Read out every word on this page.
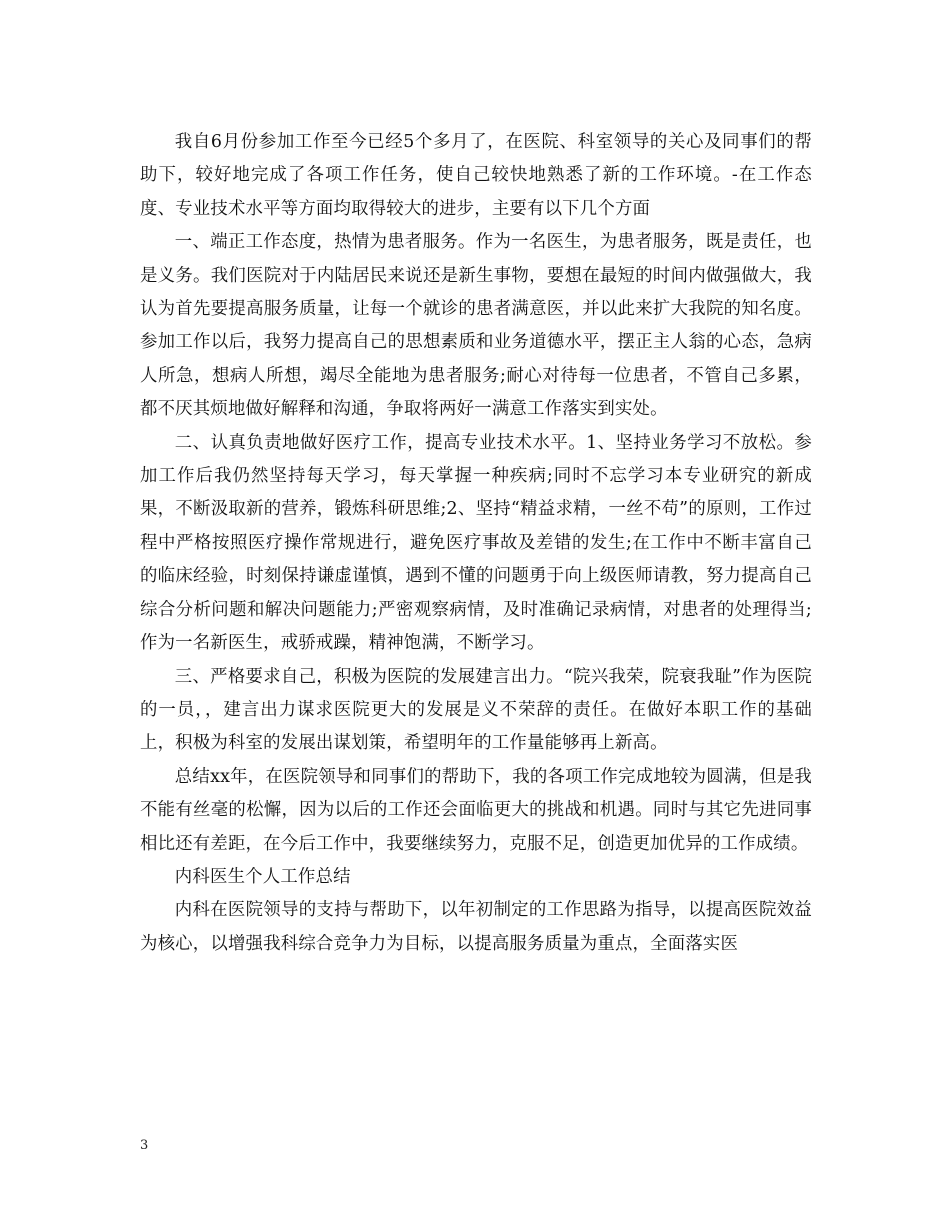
我自6月份参加工作至今已经5个多月了，在医院、科室领导的关心及同事们的帮助下，较好地完成了各项工作任务，使自己较快地熟悉了新的工作环境。-在工作态度、专业技术水平等方面均取得较大的进步，主要有以下几个方面

一、端正工作态度，热情为患者服务。作为一名医生，为患者服务，既是责任，也是义务。我们医院对于内陆居民来说还是新生事物，要想在最短的时间内做强做大，我认为首先要提高服务质量，让每一个就诊的患者满意医，并以此来扩大我院的知名度。参加工作以后，我努力提高自己的思想素质和业务道德水平，摆正主人翁的心态，急病人所急，想病人所想，竭尽全能地为患者服务;耐心对待每一位患者，不管自己多累，都不厌其烦地做好解释和沟通，争取将两好一满意工作落实到实处。

二、认真负责地做好医疗工作，提高专业技术水平。1、坚持业务学习不放松。参加工作后我仍然坚持每天学习，每天掌握一种疾病;同时不忘学习本专业研究的新成果，不断汲取新的营养，锻炼科研思维;2、坚持“精益求精，一丝不苟”的原则，工作过程中严格按照医疗操作常规进行，避免医疗事故及差错的发生;在工作中不断丰富自己的临床经验，时刻保持谦虚谨慎，遇到不懂的问题勇于向上级医师请教，努力提高自己综合分析问题和解决问题能力;严密观察病情，及时准确记录病情，对患者的处理得当;作为一名新医生，戒骄戒躁，精神饱满，不断学习。

三、严格要求自己，积极为医院的发展建言出力。“院兴我荣，院衰我耻”作为医院的一员，，建言出力谋求医院更大的发展是义不荣辞的责任。在做好本职工作的基础上，积极为科室的发展出谋划策，希望明年的工作量能够再上新高。

总结xx年，在医院领导和同事们的帮助下，我的各项工作完成地较为圆满，但是我不能有丝毫的松懈，因为以后的工作还会面临更大的挑战和机遇。同时与其它先进同事相比还有差距，在今后工作中，我要继续努力，克服不足，创造更加优异的工作成绩。

内科医生个人工作总结

内科在医院领导的支持与帮助下，以年初制定的工作思路为指导，以提高医院效益为核心，以增强我科综合竞争力为目标，以提高服务质量为重点，全面落实医

3
